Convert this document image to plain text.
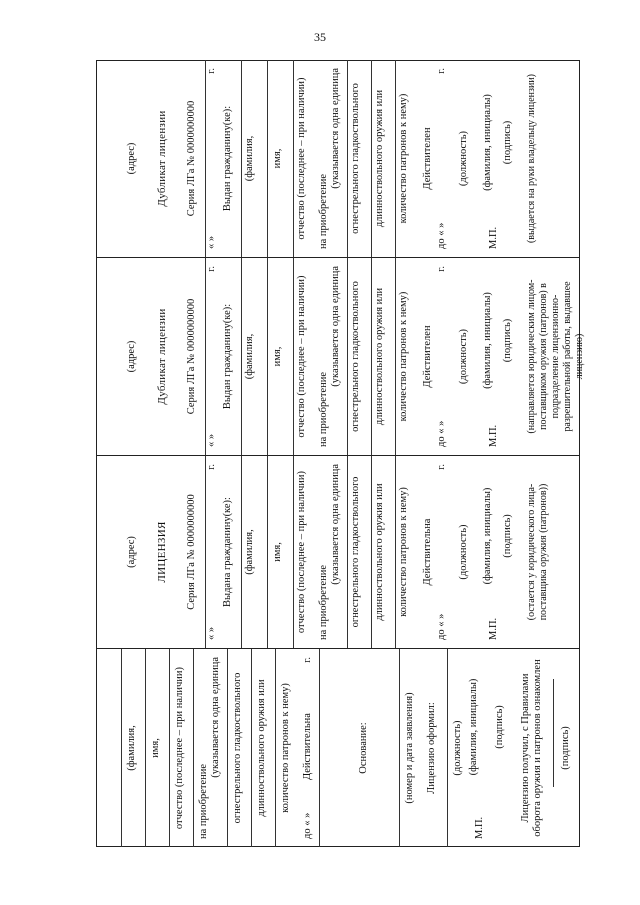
35
(фамилия, имя, отчество (последнее – при наличии) на приобретение
(указывается одна единица огнестрельного гладкоствольного длинноствольного оружия или количество патронов к нему)
до « » Действительна
г.
Основание:	(номер и дата заявления) Лицензию оформил: (должность)
М.П.
(фамилия, инициалы) (подпись) Лицензию получил, с Правилами оборота оружия и патронов ознакомлен (подпись)
(адрес) ЛИЦЕНЗИЯ Серия ЛГа № 0000000000 Выдана гражданину(ке): (фамилия, имя, отчество (последнее – при наличии) на приобретение
(указывается одна единица огнестрельного гладкоствольного длинноствольного оружия или количество патронов к нему) Действительна (должность) (фамилия, инициалы) (подпись) (остается у юридического лица-поставщика оружия (патронов))
« »
г.
до « »
г.
М.П.
(адрес) Дубликат лицензии Серия ЛГа № 0000000000 Выдан гражданину(ке): (фамилия, имя, отчество (последнее – при наличии) на приобретение
(указывается одна единица огнестрельного гладкоствольного длинноствольного оружия или количество патронов к нему) Действителен (должность) (фамилия, инициалы) (подпись) (направляется юридическим лицом-поставщиком оружия (патронов) в подразделение лицензионно-разрешительной работы, выдавшее лицензию)
« »
г.
до « »
г.
М.П.
(адрес) Дубликат лицензии Серия ЛГа № 0000000000 Выдан гражданину(ке): (фамилия, имя, отчество (последнее – при наличии) на приобретение
(указывается одна единица огнестрельного гладкоствольного длинноствольного оружия или количество патронов к нему) Действителен (должность) (фамилия, инициалы) (подпись) (выдается на руки владельцу лицензии)
« »
г.
до « »
г.
М.П.
